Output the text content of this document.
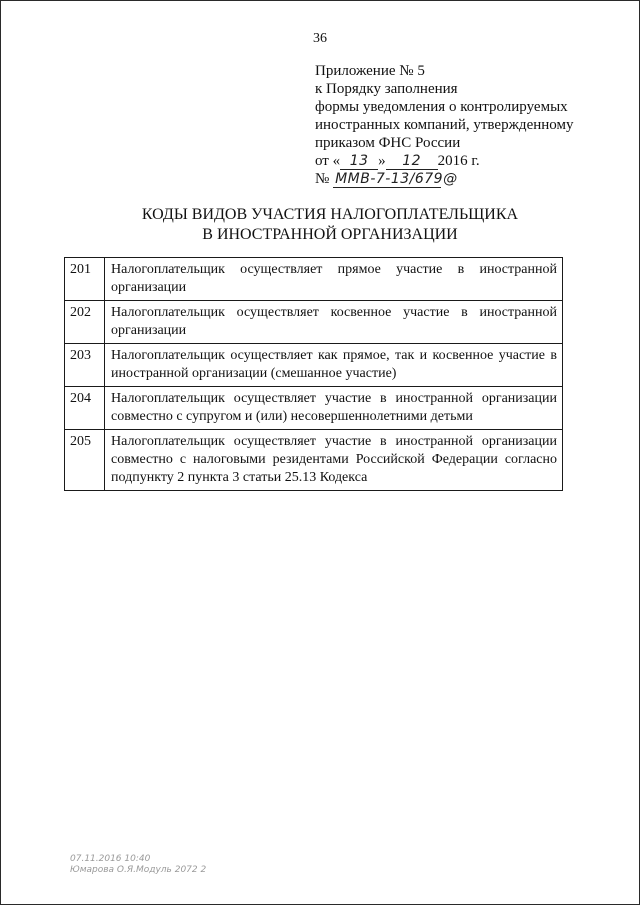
36
Приложение № 5
к Порядку заполнения
формы уведомления о контролируемых
иностранных компаний, утвержденному
приказом ФНС России
от « 13 » 12 2016 г.
№ ММВ-7-13/679@
КОДЫ ВИДОВ УЧАСТИЯ НАЛОГОПЛАТЕЛЬЩИКА
В ИНОСТРАННОЙ ОРГАНИЗАЦИИ
201	Налогоплательщик осуществляет прямое участие в иностранной организации
202	Налогоплательщик осуществляет косвенное участие в иностранной организации
203	Налогоплательщик осуществляет как прямое, так и косвенное участие в иностранной организации (смешанное участие)
204	Налогоплательщик осуществляет участие в иностранной организации совместно с супругом и (или) несовершеннолетними детьми
205	Налогоплательщик осуществляет участие в иностранной организации совместно с налоговыми резидентами Российской Федерации согласно подпункту 2 пункта 3 статьи 25.13 Кодекса
07.11.2016 10:40
Юмарова О.Я.Модуль 2072 2
